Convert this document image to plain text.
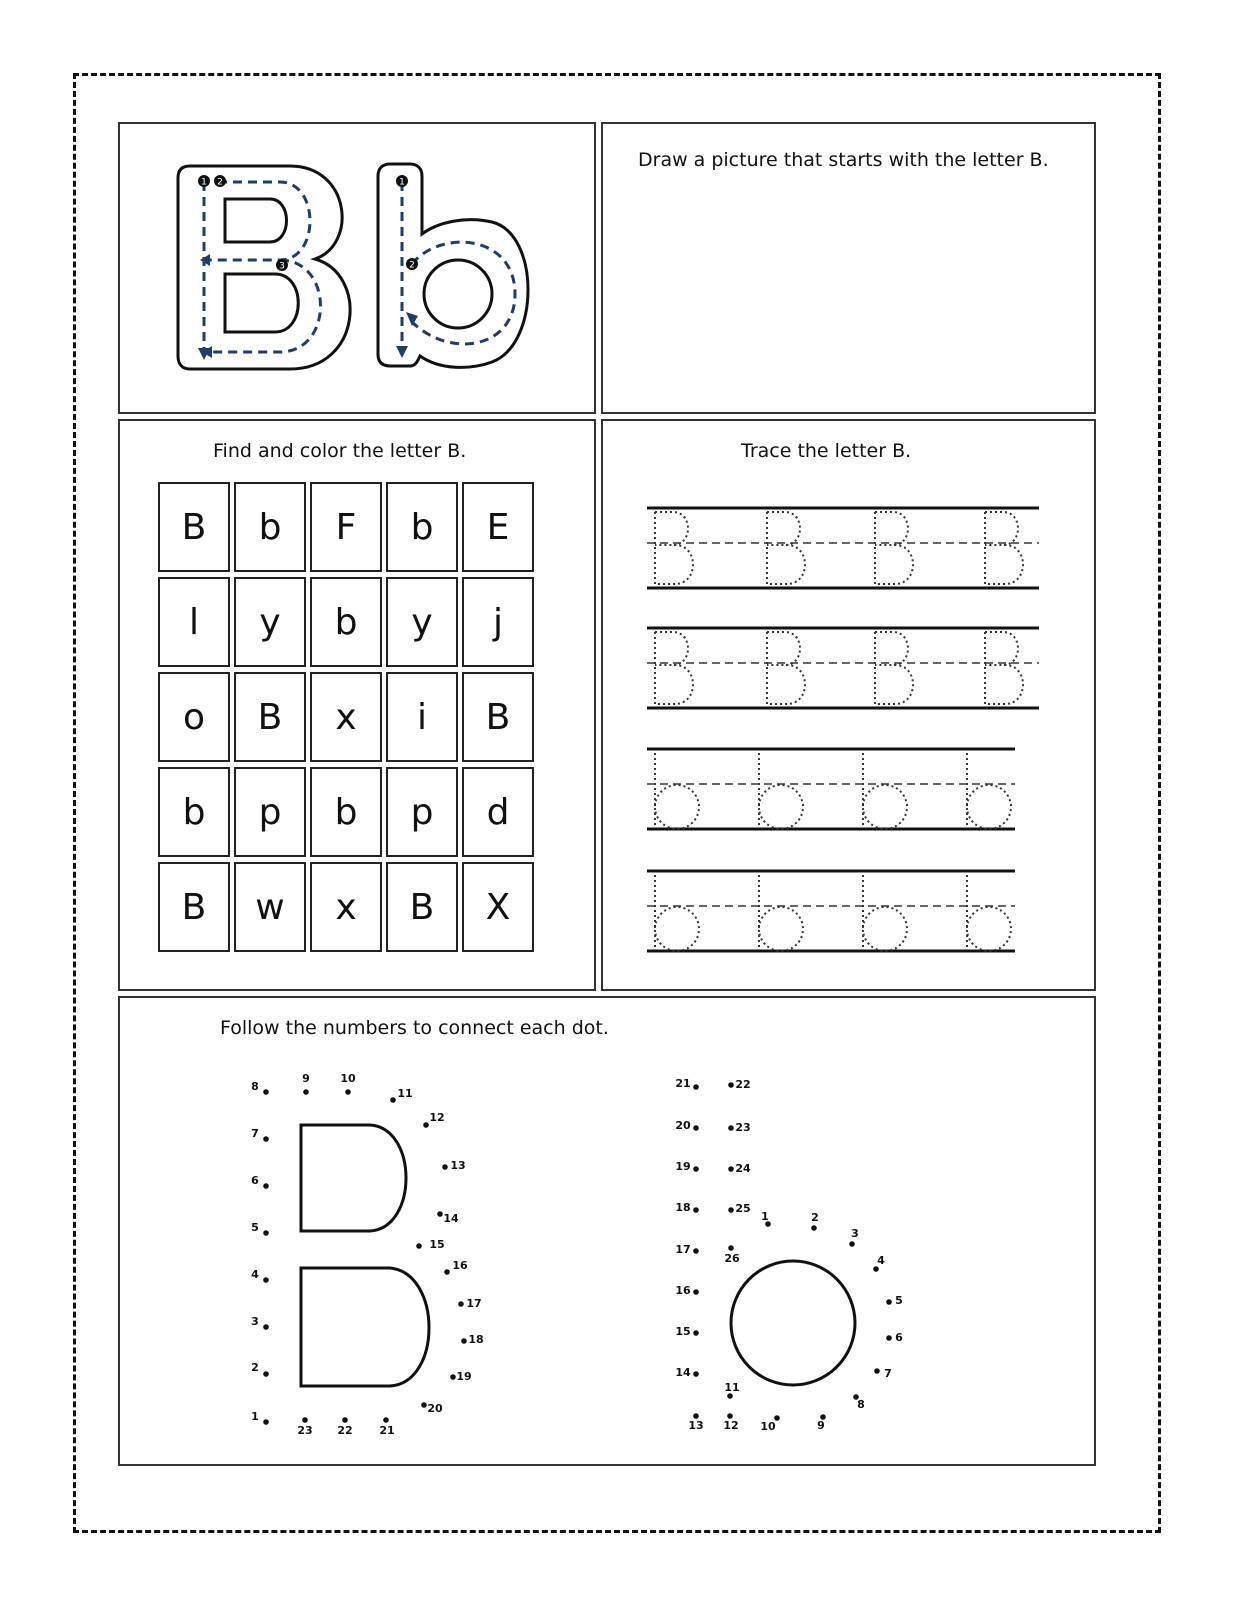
1 2
3
1
2
Draw a picture that starts with the letter B.
Find and color the letter B.
B	b	F	b	E
l	y	b	y	j
o	B	x	i	B
b	p	b	p	d
B	w	x	B	X
Trace the letter B.
Follow the numbers to connect each dot.
1
2
3
4
5
6
7
8
9	10
11
12
13
14
15
16
17
18
19
20
21
22
23
1	2
3
4
5
6
7
8
9
10
11
12
13
14
15
16
17
18
19
20
21	22
23
24
25
26
